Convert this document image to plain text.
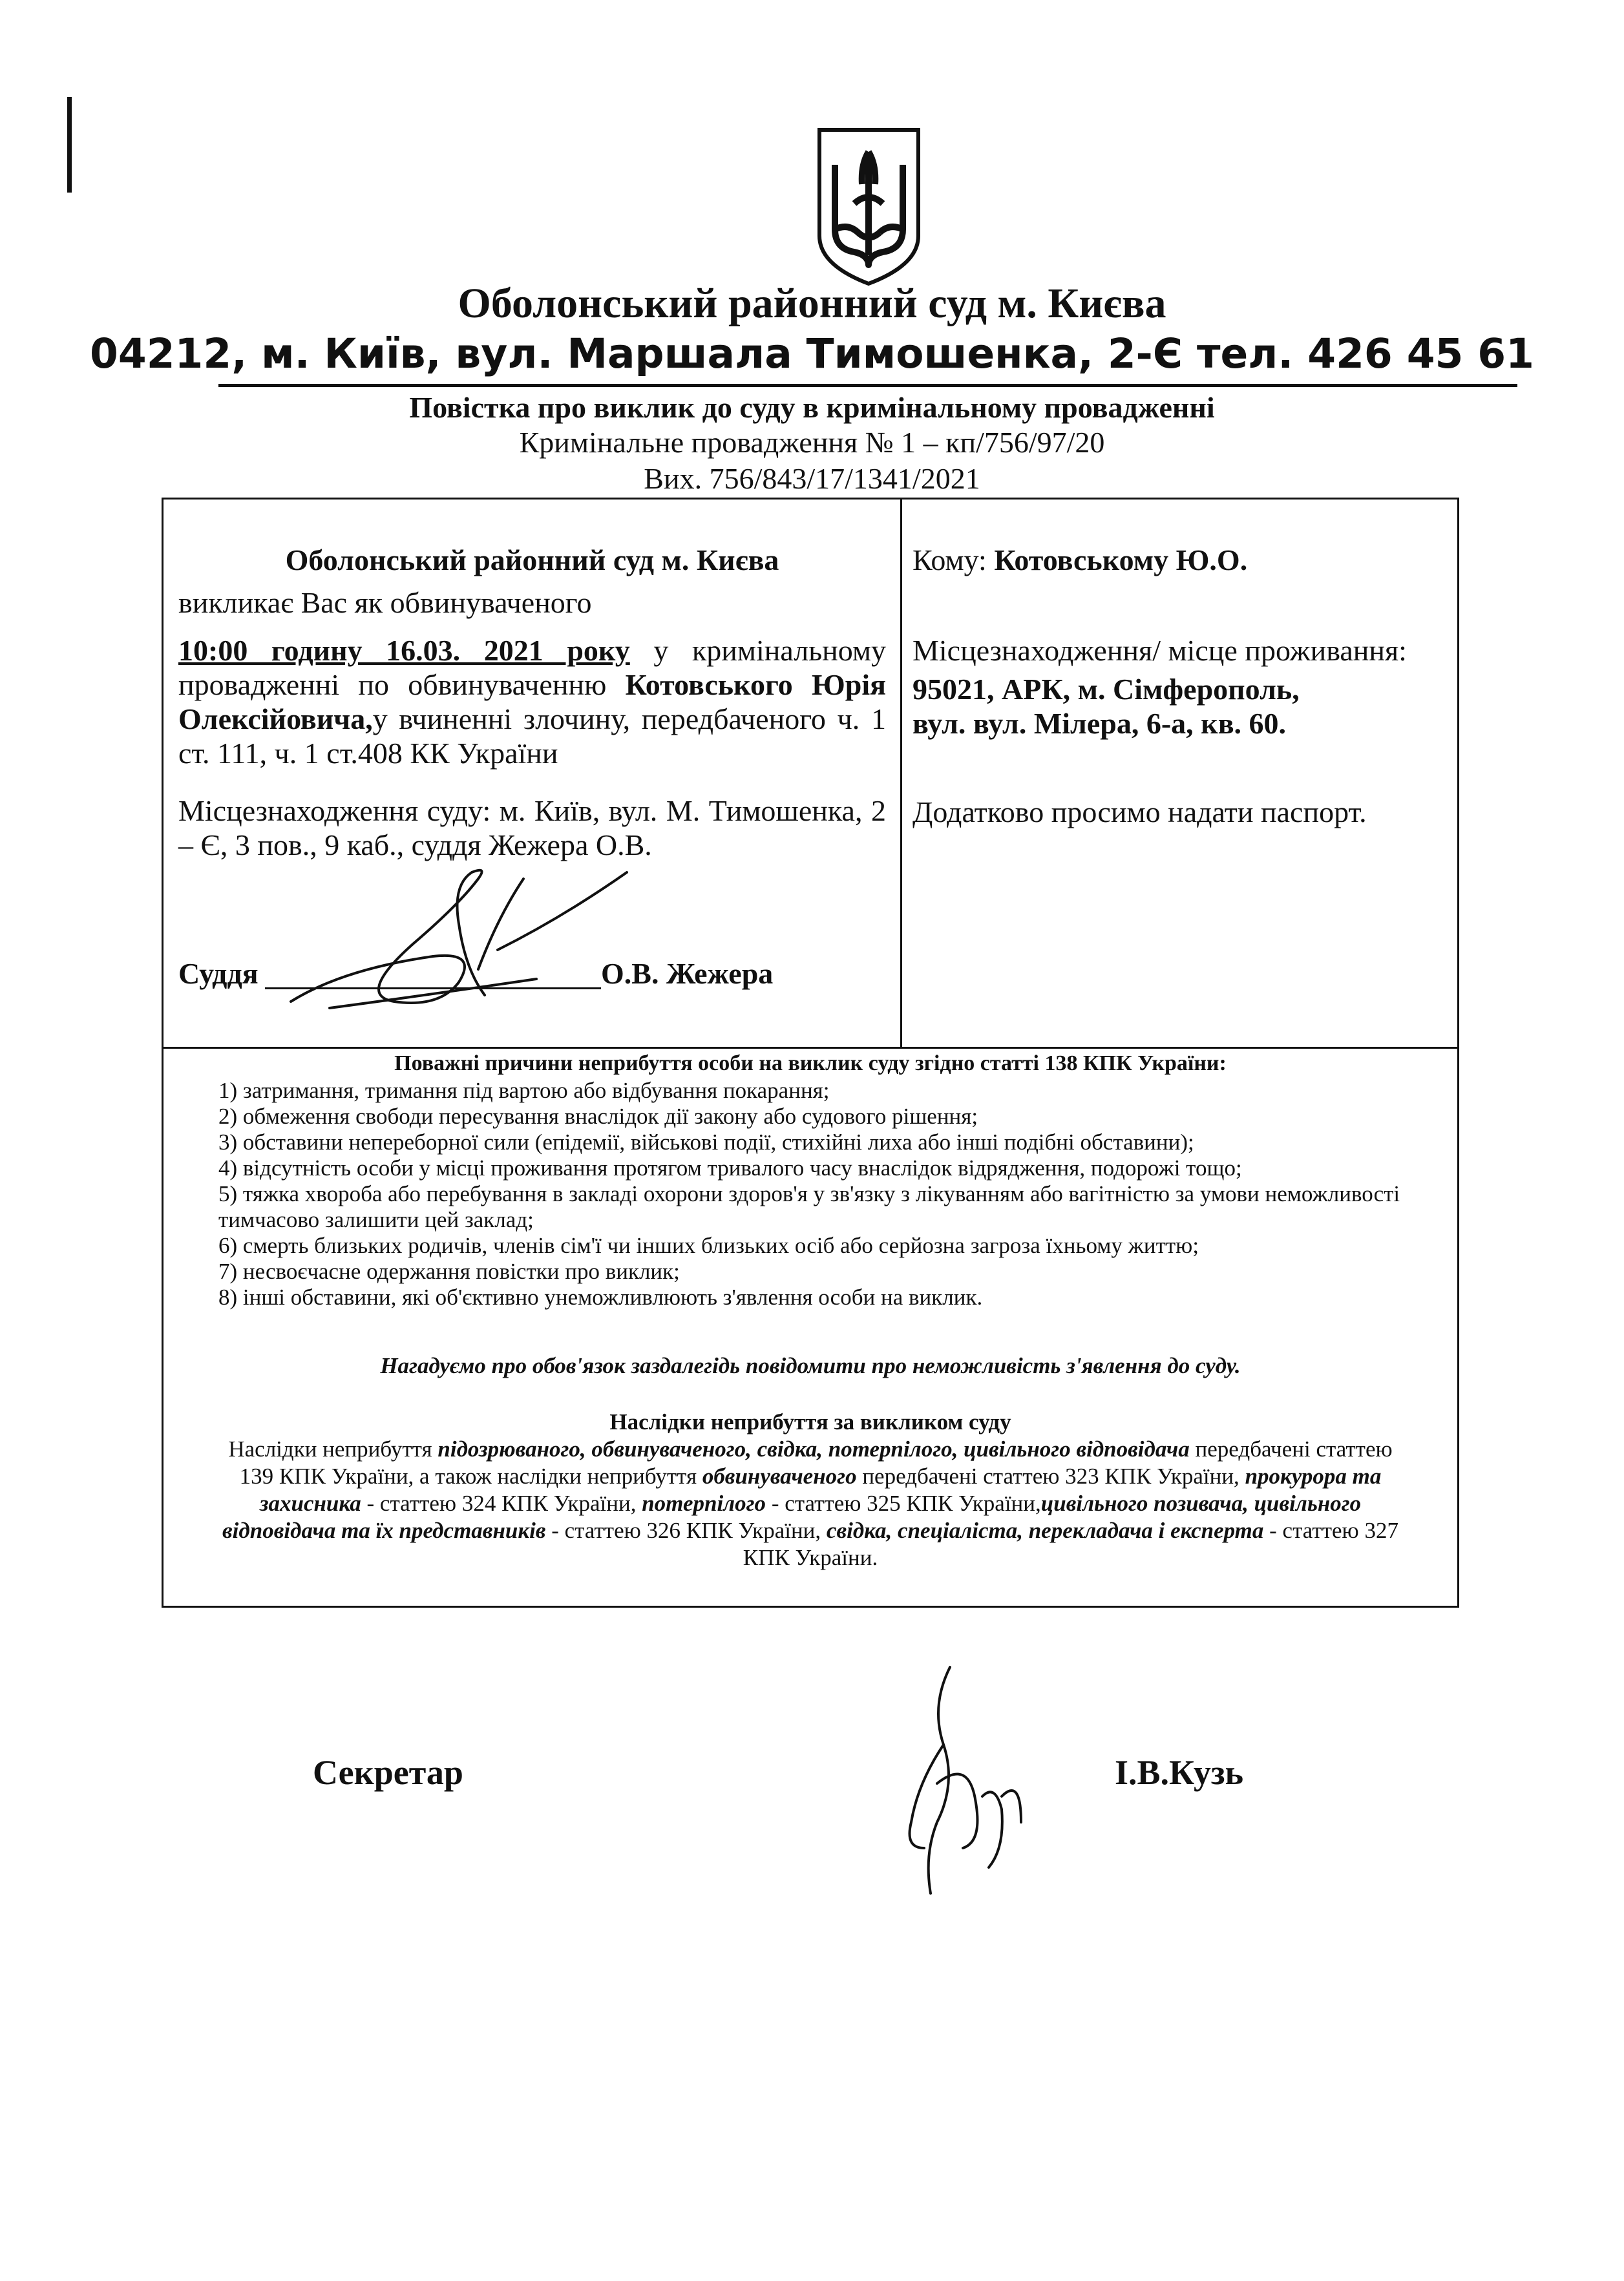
Оболонський районний суд м. Києва
04212, м. Київ, вул. Маршала Тимошенка, 2-Є тел. 426 45 61
Повістка про виклик до суду в кримінальному провадженні
Кримінальне провадження № 1 – кп/756/97/20
Вих. 756/843/17/1341/2021
Оболонський районний суд м. Києва
викликає Вас як обвинуваченого
10:00 годину 16.03. 2021 року у кримінальному провадженні по обвинуваченню Котовського Юрія Олексійовича,у вчиненні злочину, передбаченого ч. 1 ст. 111, ч. 1 ст.408 КК України
Місцезнаходження суду: м. Київ, вул. М. Тимошенка, 2 – Є, 3 пов., 9 каб., суддя Жежера О.В.
Суддя	О.В. Жежера
Кому: Котовському Ю.О.
Місцезнаходження/ місце проживання:
95021, АРК, м. Сімферополь,
вул. вул. Мілера, 6-а, кв. 60.
Додатково просимо надати паспорт.
Поважні причини неприбуття особи на виклик суду згідно статті 138 КПК України:
1) затримання, тримання під вартою або відбування покарання;
2) обмеження свободи пересування внаслідок дії закону або судового рішення;
3) обставини непереборної сили (епідемії, військові події, стихійні лиха або інші подібні обставини);
4) відсутність особи у місці проживання протягом тривалого часу внаслідок відрядження, подорожі тощо;
5) тяжка хвороба або перебування в закладі охорони здоров'я у зв'язку з лікуванням або вагітністю за умови неможливості тимчасово залишити цей заклад;
6) смерть близьких родичів, членів сім'ї чи інших близьких осіб або серйозна загроза їхньому життю;
7) несвоєчасне одержання повістки про виклик;
8) інші обставини, які об'єктивно унеможливлюють з'явлення особи на виклик.
Нагадуємо про обов'язок заздалегідь повідомити про неможливість з'явлення до суду.
Наслідки неприбуття за викликом суду
Наслідки неприбуття підозрюваного, обвинуваченого, свідка, потерпілого, цивільного відповідача передбачені статтею 139 КПК України, а також наслідки неприбуття обвинуваченого передбачені статтею 323 КПК України, прокурора та захисника - статтею 324 КПК України, потерпілого - статтею 325 КПК України,цивільного позивача, цивільного відповідача та їх представників - статтею 326 КПК України, свідка, спеціаліста, перекладача і експерта - статтею 327 КПК України.
Секретар	І.В.Кузь
